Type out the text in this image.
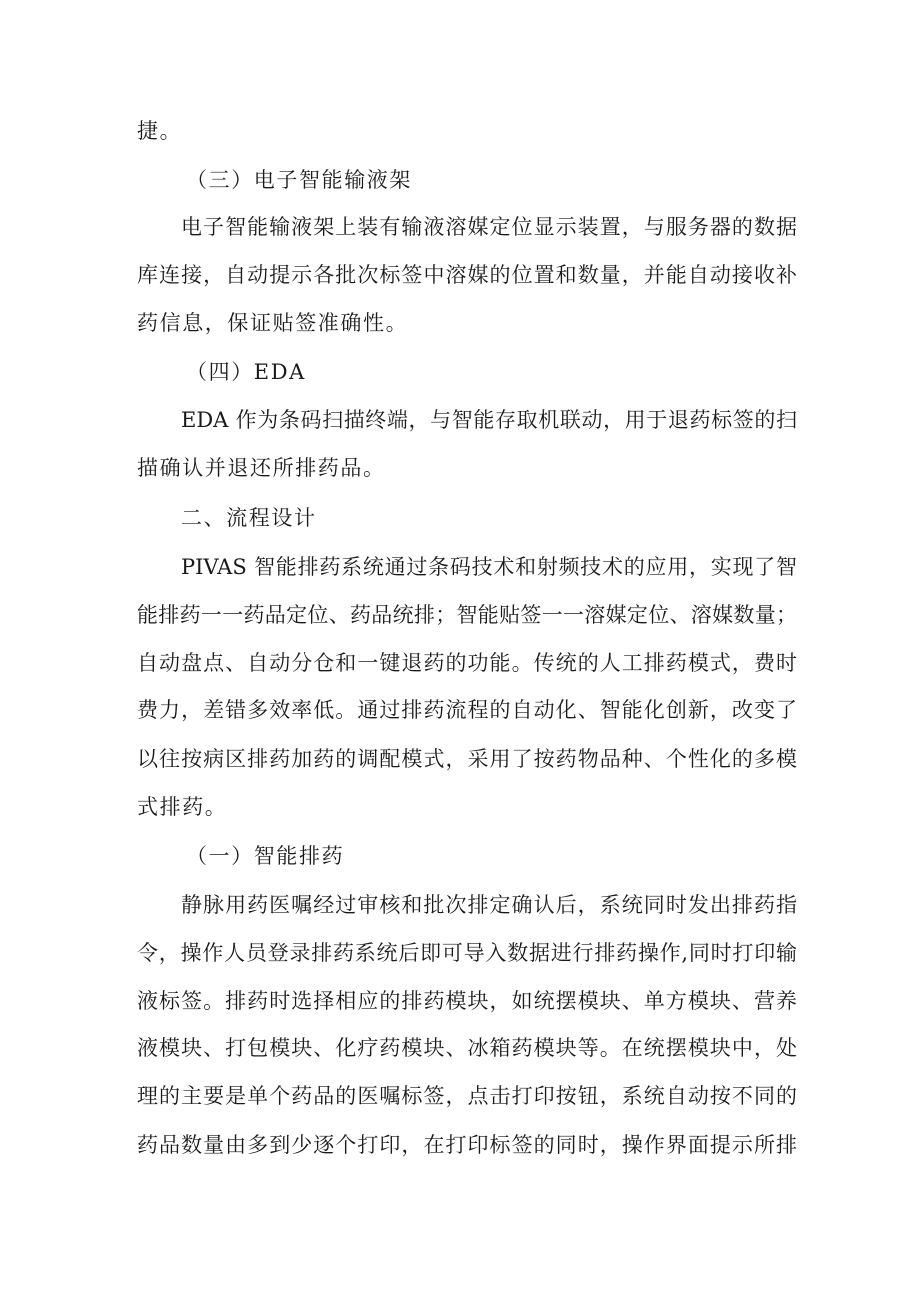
捷。
（三）电子智能输液架
电子智能输液架上装有输液溶媒定位显示装置，与服务器的数据
库连接，自动提示各批次标签中溶媒的位置和数量，并能自动接收补
药信息，保证贴签准确性。
（四）EDA
EDA 作为条码扫描终端，与智能存取机联动，用于退药标签的扫
描确认并退还所排药品。
二、流程设计
PIVAS 智能排药系统通过条码技术和射频技术的应用，实现了智
能排药一一药品定位、药品统排；智能贴签一一溶媒定位、溶媒数量；
自动盘点、自动分仓和一键退药的功能。传统的人工排药模式，费时
费力，差错多效率低。通过排药流程的自动化、智能化创新，改变了
以往按病区排药加药的调配模式，采用了按药物品种、个性化的多模
式排药。
（一）智能排药
静脉用药医嘱经过审核和批次排定确认后，系统同时发出排药指
令，操作人员登录排药系统后即可导入数据进行排药操作,同时打印输
液标签。排药时选择相应的排药模块，如统摆模块、单方模块、营养
液模块、打包模块、化疗药模块、冰箱药模块等。在统摆模块中，处
理的主要是单个药品的医嘱标签，点击打印按钮，系统自动按不同的
药品数量由多到少逐个打印，在打印标签的同时，操作界面提示所排
